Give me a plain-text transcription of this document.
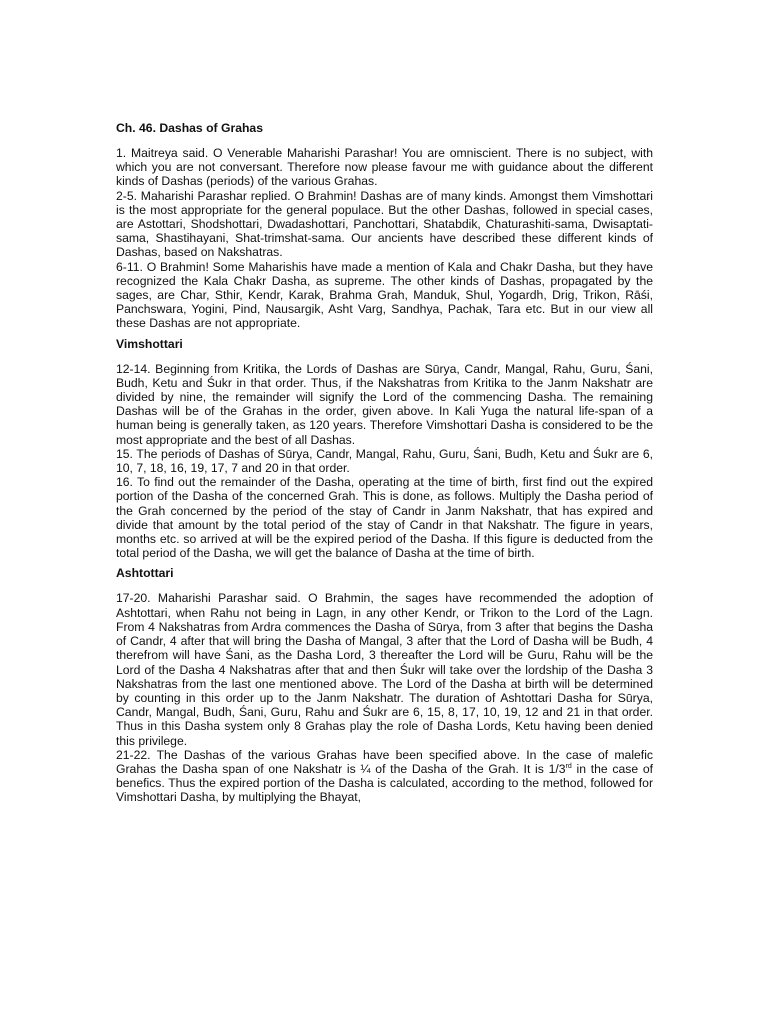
Ch. 46. Dashas of Grahas

1. Maitreya said. O Venerable Maharishi Parashar! You are omniscient. There is no subject, with which you are not conversant. Therefore now please favour me with guidance about the different kinds of Dashas (periods) of the various Grahas.

2-5. Maharishi Parashar replied. O Brahmin! Dashas are of many kinds. Amongst them Vimshottari is the most appropriate for the general populace. But the other Dashas, followed in special cases, are Astottari, Shodshottari, Dwadashottari, Panchottari, Shatabdik, Chaturashiti-sama, Dwisaptati-sama, Shastihayani, Shat-trimshat-sama. Our ancients have described these different kinds of Dashas, based on Nakshatras.

6-11. O Brahmin! Some Maharishis have made a mention of Kala and Chakr Dasha, but they have recognized the Kala Chakr Dasha, as supreme. The other kinds of Dashas, propagated by the sages, are Char, Sthir, Kendr, Karak, Brahma Grah, Manduk, Shul, Yogardh, Drig, Trikon, Rāśi, Panchswara, Yogini, Pind, Nausargik, Asht Varg, Sandhya, Pachak, Tara etc. But in our view all these Dashas are not appropriate.

Vimshottari

12-14. Beginning from Kritika, the Lords of Dashas are Sūrya, Candr, Mangal, Rahu, Guru, Śani, Budh, Ketu and Śukr in that order. Thus, if the Nakshatras from Kritika to the Janm Nakshatr are divided by nine, the remainder will signify the Lord of the commencing Dasha. The remaining Dashas will be of the Grahas in the order, given above. In Kali Yuga the natural life-span of a human being is generally taken, as 120 years. Therefore Vimshottari Dasha is considered to be the most appropriate and the best of all Dashas.

15. The periods of Dashas of Sūrya, Candr, Mangal, Rahu, Guru, Śani, Budh, Ketu and Śukr are 6, 10, 7, 18, 16, 19, 17, 7 and 20 in that order.

16. To find out the remainder of the Dasha, operating at the time of birth, first find out the expired portion of the Dasha of the concerned Grah. This is done, as follows. Multiply the Dasha period of the Grah concerned by the period of the stay of Candr in Janm Nakshatr, that has expired and divide that amount by the total period of the stay of Candr in that Nakshatr. The figure in years, months etc. so arrived at will be the expired period of the Dasha. If this figure is deducted from the total period of the Dasha, we will get the balance of Dasha at the time of birth.

Ashtottari

17-20. Maharishi Parashar said. O Brahmin, the sages have recommended the adoption of Ashtottari, when Rahu not being in Lagn, in any other Kendr, or Trikon to the Lord of the Lagn. From 4 Nakshatras from Ardra commences the Dasha of Sūrya, from 3 after that begins the Dasha of Candr, 4 after that will bring the Dasha of Mangal, 3 after that the Lord of Dasha will be Budh, 4 therefrom will have Śani, as the Dasha Lord, 3 thereafter the Lord will be Guru, Rahu will be the Lord of the Dasha 4 Nakshatras after that and then Śukr will take over the lordship of the Dasha 3 Nakshatras from the last one mentioned above. The Lord of the Dasha at birth will be determined by counting in this order up to the Janm Nakshatr. The duration of Ashtottari Dasha for Sūrya, Candr, Mangal, Budh, Śani, Guru, Rahu and Śukr are 6, 15, 8, 17, 10, 19, 12 and 21 in that order. Thus in this Dasha system only 8 Grahas play the role of Dasha Lords, Ketu having been denied this privilege.

21-22. The Dashas of the various Grahas have been specified above. In the case of malefic Grahas the Dasha span of one Nakshatr is ¼ of the Dasha of the Grah. It is 1/3rd in the case of benefics. Thus the expired portion of the Dasha is calculated, according to the method, followed for Vimshottari Dasha, by multiplying the Bhayat,
